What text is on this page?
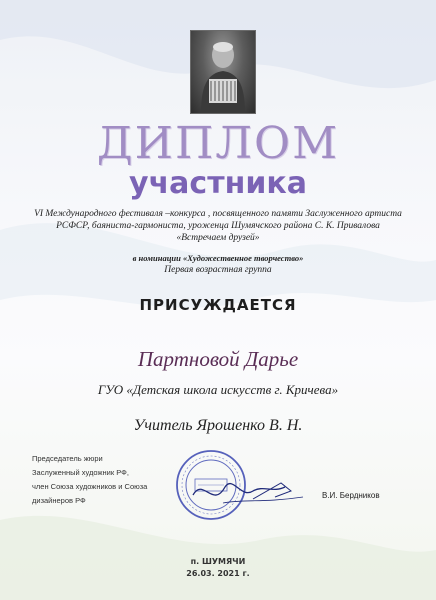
ДИПЛОМ
участника
VI Международного фестиваля –конкурса , посвященного памяти Заслуженного артиста
РСФСР, баяниста-гармониста, уроженца Шумячского района С. К. Привалова
«Встречаем друзей»
в номинации «Художественное творчество»
Первая возрастная группа
ПРИСУЖДАЕТСЯ
Партновой Дарье
ГУО «Детская школа искусств г. Кричева»
Учитель Ярошенко В. Н.
Председатель жюри
Заслуженный художник РФ,
член Союза художников и Союза
дизайнеров РФ
В.И. Бердников
п. ШУМЯЧИ
26.03. 2021 г.
